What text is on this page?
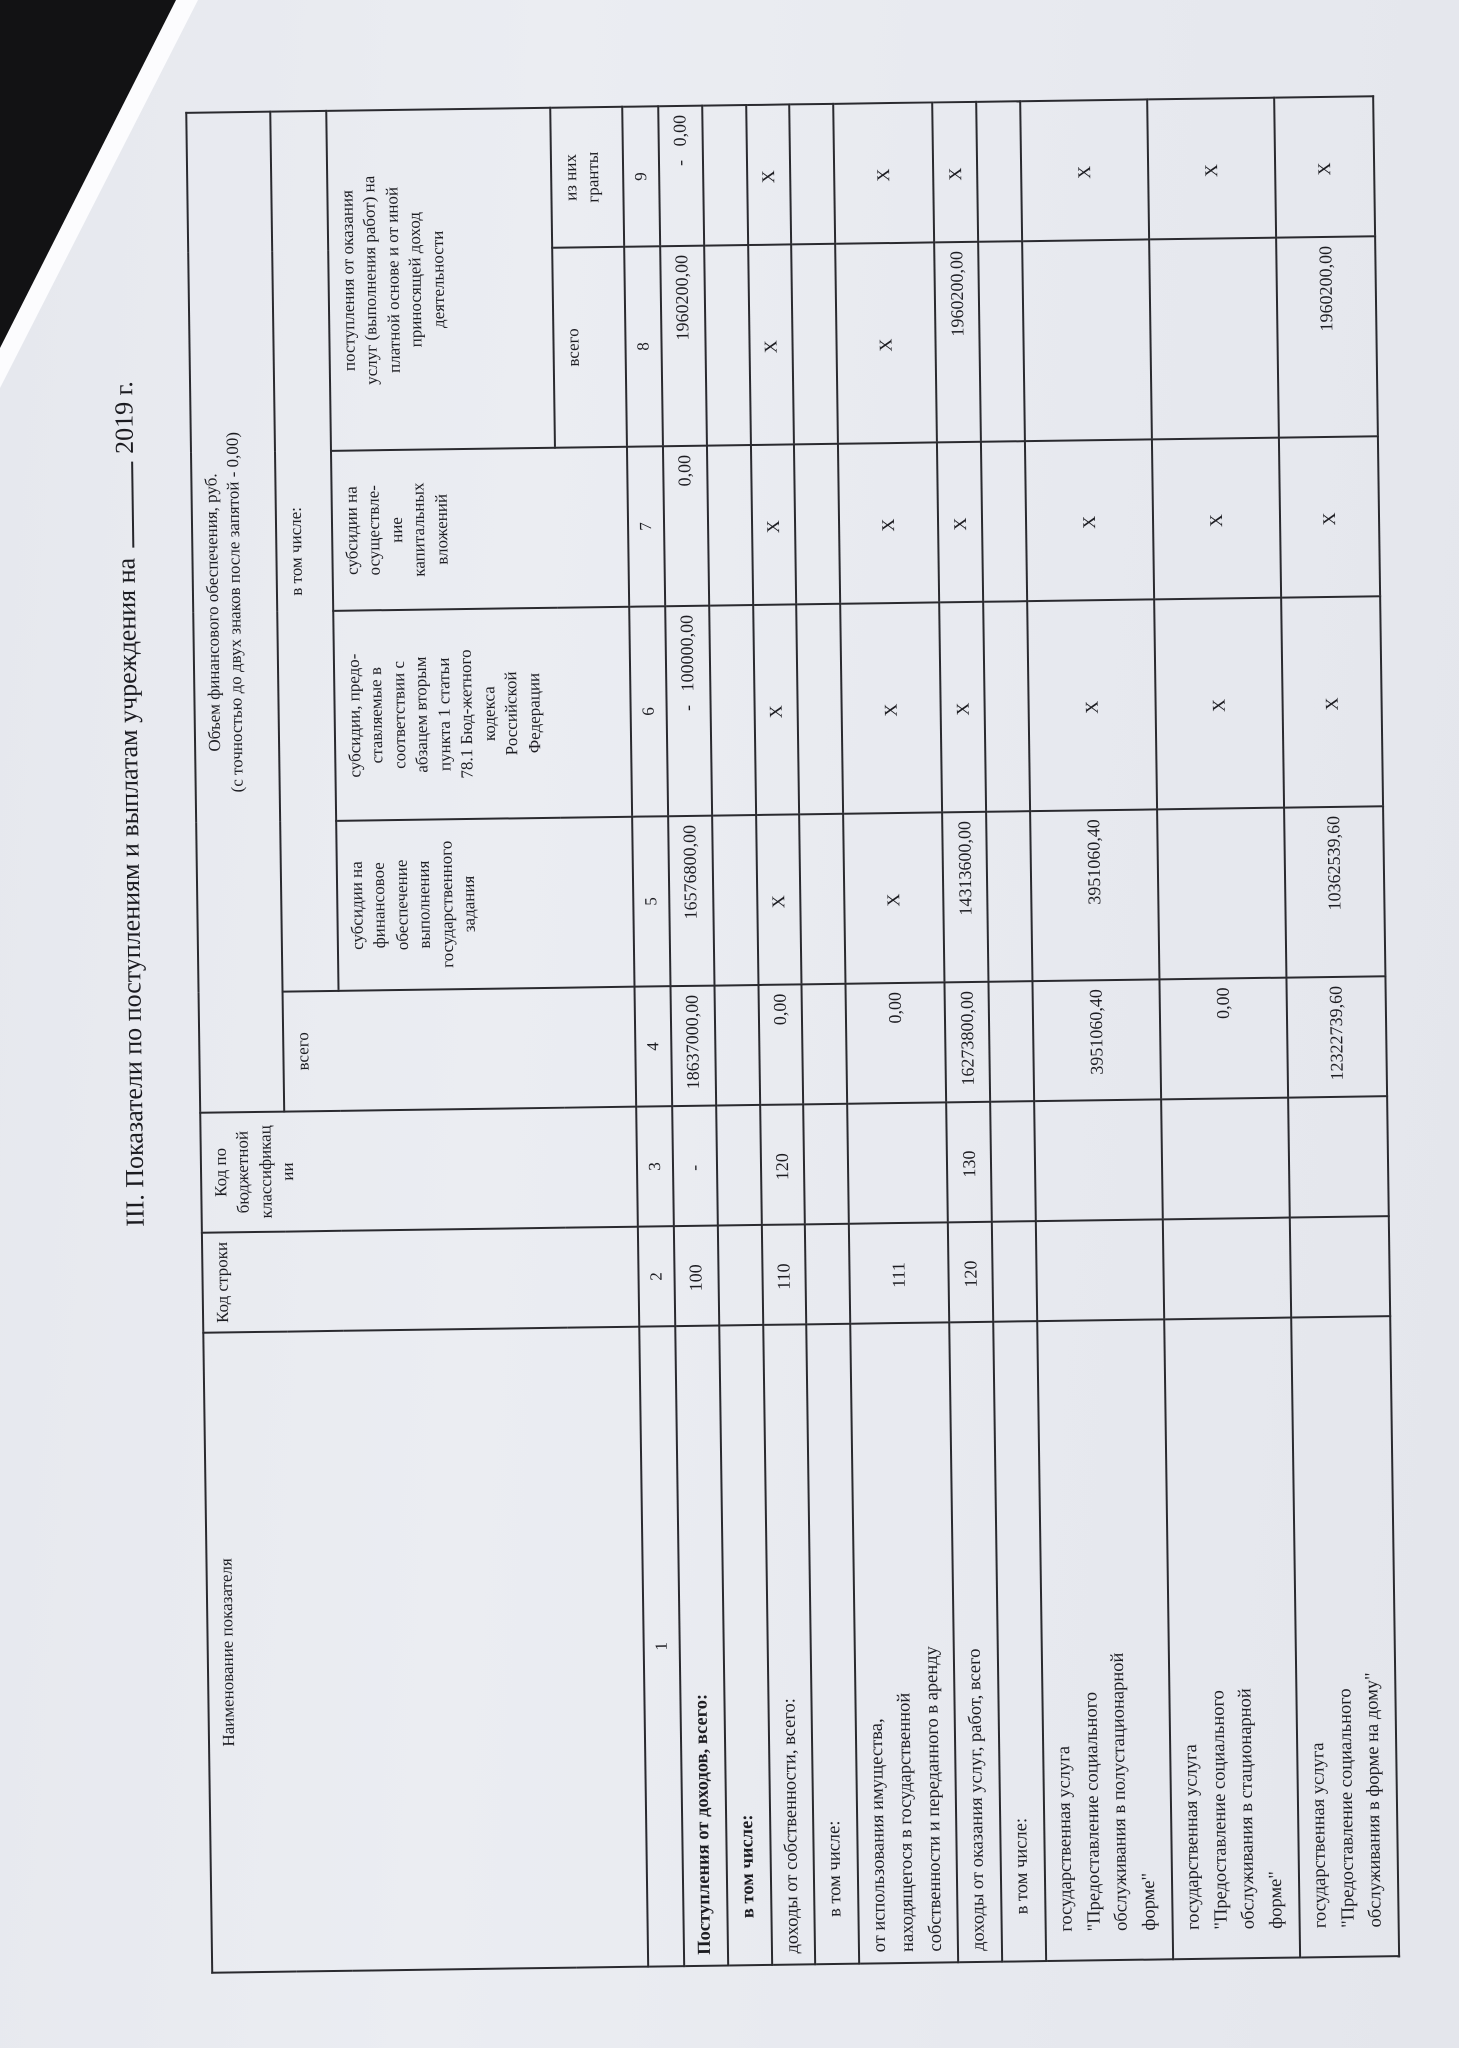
III. Показатели по поступлениям и выплатам учреждения на2019 г.
Наименование показателя	Код строки	Код по
бюджетной
классификац
ии	Объем финансового обеспечения, руб.
(с точностью до двух знаков после запятой - 0,00)					
			всего	в том числе:				
субсидии на
финансовое
обеспечение
выполнения
государственного
задания	субсидии, предо-
ставляемые в
соответствии с
абзацем вторым
пункта 1 статьи
78.1 Бюд-жетного
кодекса
Российской
Федерации	субсидии на
осуществле-
ние
капитальных
вложений	поступления от оказания
услуг (выполнения работ) на
платной основе и от иной
приносящей доход
деятельности
							всего	из них
гранты
1	2	3	4	5	6	7	8	9
Поступления от доходов, всего:	100	-	18637000,00	16576800,00	-   100000,00	0,00	1960200,00	-   0,00
в том числе:								
доходы от собственности, всего:	110	120	0,00	X	X	X	X	X
в том числе:								
от использования имущества,
находящегося в государственной
собственности и переданного в аренду	111		0,00	X	X	X	X	X
доходы от оказания услуг, работ, всего	120	130	16273800,00	14313600,00	X	X	1960200,00	X
в том числе:								
государственная услуга
"Предоставление социального
обслуживания в полустационарной
форме"			3951060,40	3951060,40	X	X		X
государственная услуга
"Предоставление социального
обслуживания в стационарной
форме"			0,00		X	X		X
государственная услуга
"Предоставление социального
обслуживания в форме на дому"			12322739,60	10362539,60	X	X	1960200,00	X
